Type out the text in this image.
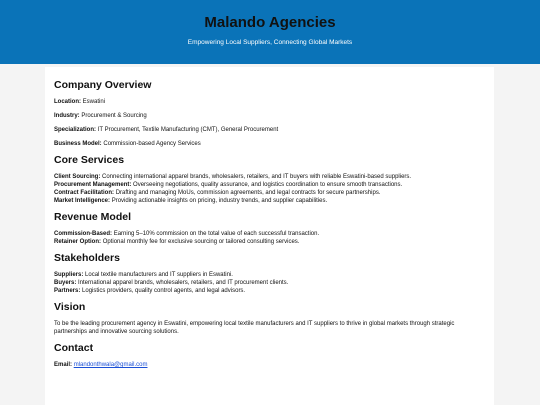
Malando Agencies

Empowering Local Suppliers, Connecting Global Markets

Company Overview

Location: Eswatini

Industry: Procurement & Sourcing

Specialization: IT Procurement, Textile Manufacturing (CMT), General Procurement

Business Model: Commission-based Agency Services

Core Services

Client Sourcing: Connecting international apparel brands, wholesalers, retailers, and IT buyers with reliable Eswatini-based suppliers.

Procurement Management: Overseeing negotiations, quality assurance, and logistics coordination to ensure smooth transactions.

Contract Facilitation: Drafting and managing MoUs, commission agreements, and legal contracts for secure partnerships.

Market Intelligence: Providing actionable insights on pricing, industry trends, and supplier capabilities.

Revenue Model

Commission-Based: Earning 5–10% commission on the total value of each successful transaction.

Retainer Option: Optional monthly fee for exclusive sourcing or tailored consulting services.

Stakeholders

Suppliers: Local textile manufacturers and IT suppliers in Eswatini.

Buyers: International apparel brands, wholesalers, retailers, and IT procurement clients.

Partners: Logistics providers, quality control agents, and legal advisors.

Vision

To be the leading procurement agency in Eswatini, empowering local textile manufacturers and IT suppliers to thrive in global markets through strategic partnerships and innovative sourcing solutions.

Contact

Email: mlandonthwala@gmail.com
